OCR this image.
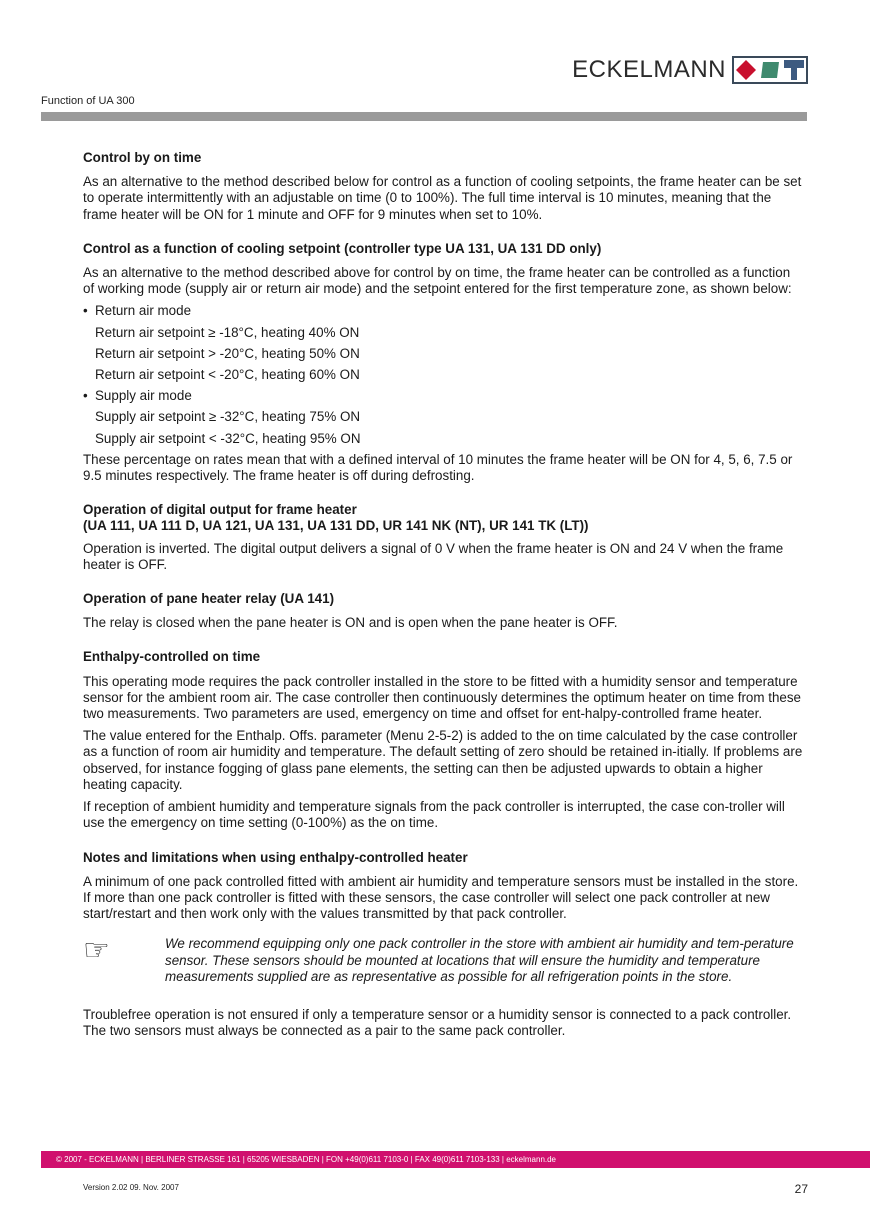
ECKELMANN
Function of UA 300
Control by on time

As an alternative to the method described below for control as a function of cooling setpoints, the frame heater can be set to operate intermittently with an adjustable on time (0 to 100%). The full time interval is 10 minutes, meaning that the frame heater will be ON for 1 minute and OFF for 9 minutes when set to 10%.

Control as a function of cooling setpoint (controller type UA 131, UA 131 DD only)

As an alternative to the method described above for control by on time, the frame heater can be controlled as a function of working mode (supply air or return air mode) and the setpoint entered for the first temperature zone, as shown below:

• Return air mode
Return air setpoint ≥ -18°C, heating 40% ON
Return air setpoint > -20°C, heating 50% ON
Return air setpoint < -20°C, heating 60% ON
• Supply air mode
Supply air setpoint ≥ -32°C, heating 75% ON
Supply air setpoint < -32°C, heating 95% ON

These percentage on rates mean that with a defined interval of 10 minutes the frame heater will be ON for 4, 5, 6, 7.5 or 9.5 minutes respectively. The frame heater is off during defrosting.

Operation of digital output for frame heater
(UA 111, UA 111 D, UA 121, UA 131, UA 131 DD, UR 141 NK (NT), UR 141 TK (LT))

Operation is inverted. The digital output delivers a signal of 0 V when the frame heater is ON and 24 V when the frame heater is OFF.

Operation of pane heater relay (UA 141)

The relay is closed when the pane heater is ON and is open when the pane heater is OFF.

Enthalpy-controlled on time

This operating mode requires the pack controller installed in the store to be fitted with a humidity sensor and temperature sensor for the ambient room air. The case controller then continuously determines the optimum heater on time from these two measurements. Two parameters are used, emergency on time and offset for ent-halpy-controlled frame heater.

The value entered for the Enthalp. Offs. parameter (Menu 2-5-2) is added to the on time calculated by the case controller as a function of room air humidity and temperature. The default setting of zero should be retained in-itially. If problems are observed, for instance fogging of glass pane elements, the setting can then be adjusted upwards to obtain a higher heating capacity.

If reception of ambient humidity and temperature signals from the pack controller is interrupted, the case con-troller will use the emergency on time setting (0-100%) as the on time.

Notes and limitations when using enthalpy-controlled heater

A minimum of one pack controlled fitted with ambient air humidity and temperature sensors must be installed in the store. If more than one pack controller is fitted with these sensors, the case controller will select one pack controller at new start/restart and then work only with the values transmitted by that pack controller.

☞	We recommend equipping only one pack controller in the store with ambient air humidity and tem-perature sensor. These sensors should be mounted at locations that will ensure the humidity and temperature measurements supplied are as representative as possible for all refrigeration points in the store.

Troublefree operation is not ensured if only a temperature sensor or a humidity sensor is connected to a pack controller. The two sensors must always be connected as a pair to the same pack controller.

© 2007 - ECKELMANN | BERLINER STRASSE 161 | 65205 WIESBADEN | FON +49(0)611 7103-0 | FAX 49(0)611 7103-133 | eckelmann.de
Version 2.02 09. Nov. 2007	27
